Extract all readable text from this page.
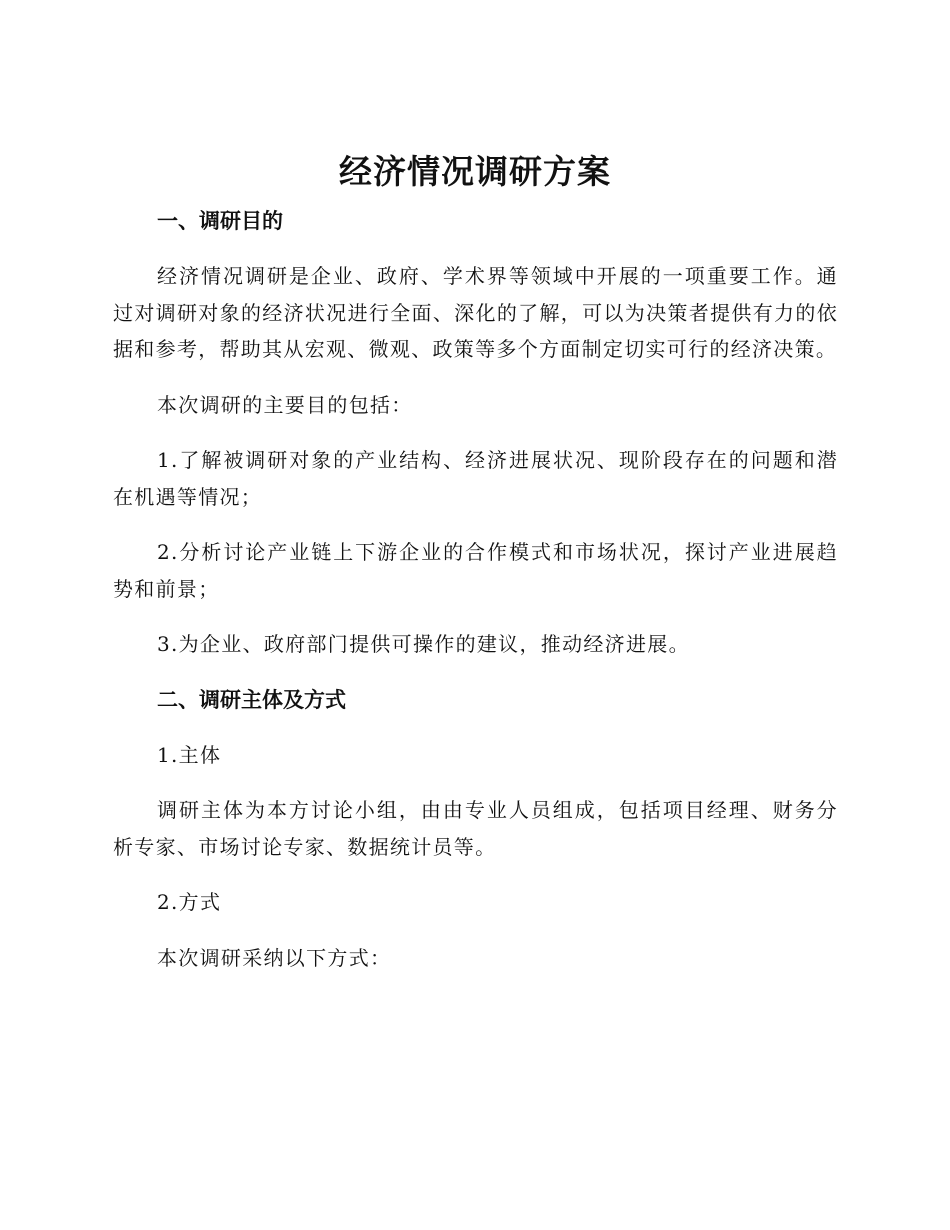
经济情况调研方案
一、调研目的

经济情况调研是企业、政府、学术界等领域中开展的一项重要工作。通过对调研对象的经济状况进行全面、深化的了解，可以为决策者提供有力的依据和参考，帮助其从宏观、微观、政策等多个方面制定切实可行的经济决策。

本次调研的主要目的包括：

1.了解被调研对象的产业结构、经济进展状况、现阶段存在的问题和潜在机遇等情况；

2.分析讨论产业链上下游企业的合作模式和市场状况，探讨产业进展趋势和前景；

3.为企业、政府部门提供可操作的建议，推动经济进展。

二、调研主体及方式

1.主体

调研主体为本方讨论小组，由由专业人员组成，包括项目经理、财务分析专家、市场讨论专家、数据统计员等。

2.方式

本次调研采纳以下方式：
